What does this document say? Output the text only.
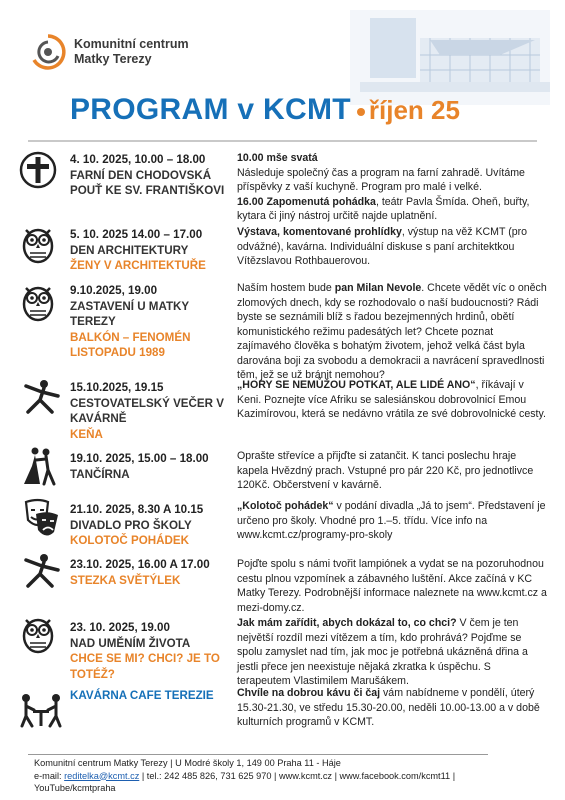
Komunitní centrum
Matky Terezy
PROGRAM v KCMT říjen 25
4. 10. 2025, 10.00 – 18.00
FARNÍ DEN CHODOVSKÁ POUŤ KE SV. FRANTIŠKOVI
10.00 mše svatá
Následuje společný čas a program na farní zahradě. Uvítáme příspěvky z vaší kuchyně. Program pro malé i velké.
16.00 Zapomenutá pohádka, teátr Pavla Šmída. Oheň, buřty, kytara či jiný nástroj určitě najde uplatnění.
5. 10. 2025 14.00 – 17.00
DEN ARCHITEKTURY
ŽENY V ARCHITEKTUŘE
Výstava, komentované prohlídky, výstup na věž KCMT (pro odvážné), kavárna. Individuální diskuse s paní architektkou Vítězslavou Rothbauerovou.
9.10.2025, 19.00
ZASTAVENÍ U MATKY TEREZY
BALKÓN – FENOMÉN LISTOPADU 1989
Naším hostem bude pan Milan Nevole. Chcete vědět víc o oněch zlomových dnech, kdy se rozhodovalo o naší budoucnosti? Rádi byste se seznámili blíž s řadou bezejmenných hrdinů, obětí komunistického režimu padesátých let? Chcete poznat zajímavého člověka s bohatým životem, jehož velká část byla darována boji za svobodu a demokracii a navrácení spravedlnosti těm, jež se už bránit nemohou?
15.10.2025, 19.15
CESTOVATELSKÝ VEČER V KAVÁRNĚ
KEŇA
„HORY SE NEMŮŽOU POTKAT, ALE LIDÉ ANO“, říkávají v Keni. Poznejte více Afriku se salesiánskou dobrovolnicí Emou Kazimírovou, která se nedávno vrátila ze své dobrovolnické cesty.
19.10. 2025, 15.00 – 18.00
TANČÍRNA
Oprašte střevíce a přijďte si zatančit. K tanci poslechu hraje kapela Hvězdný prach. Vstupné pro pár 220 Kč, pro jednotlivce 120Kč. Občerstvení v kavárně.
21.10. 2025, 8.30 A 10.15
DIVADLO PRO ŠKOLY
KOLOTOČ POHÁDEK
„Kolotoč pohádek“ v podání divadla „Já to jsem“. Představení je určeno pro školy. Vhodné pro 1.–5. třídu. Více info na www.kcmt.cz/programy-pro-skoly
23.10. 2025, 16.00 A 17.00
STEZKA SVĚTÝLEK
Pojďte spolu s námi tvořit lampiónek a vydat se na pozoruhodnou cestu plnou vzpomínek a zábavného luštění. Akce začíná v KC Matky Terezy. Podrobnější informace naleznete na www.kcmt.cz a mezi-domy.cz.
23. 10. 2025, 19.00
NAD UMĚNÍM ŽIVOTA
CHCE SE MI? CHCI? JE TO TOTÉŽ?
Jak mám zařídit, abych dokázal to, co chci? V čem je ten největší rozdíl mezi vítězem a tím, kdo prohrává? Pojďme se spolu zamyslet nad tím, jak moc je potřebná ukázněná dřina a jestli přece jen neexistuje nějaká zkratka k úspěchu. S terapeutem Vlastimilem Marušákem.
KAVÁRNA CAFE TEREZIE	Chvíle na dobrou kávu či čaj vám nabídneme v pondělí, úterý 15.30-21.30, ve středu 15.30-20.00, neděli 10.00-13.00 a v době kulturních programů v KCMT.
Komunitní centrum Matky Terezy | U Modré školy 1, 149 00 Praha 11 - Háje
e-mail: reditelka@kcmt.cz | tel.: 242 485 826, 731 625 970 | www.kcmt.cz | www.facebook.com/kcmt11 |
YouTube/kcmtpraha
